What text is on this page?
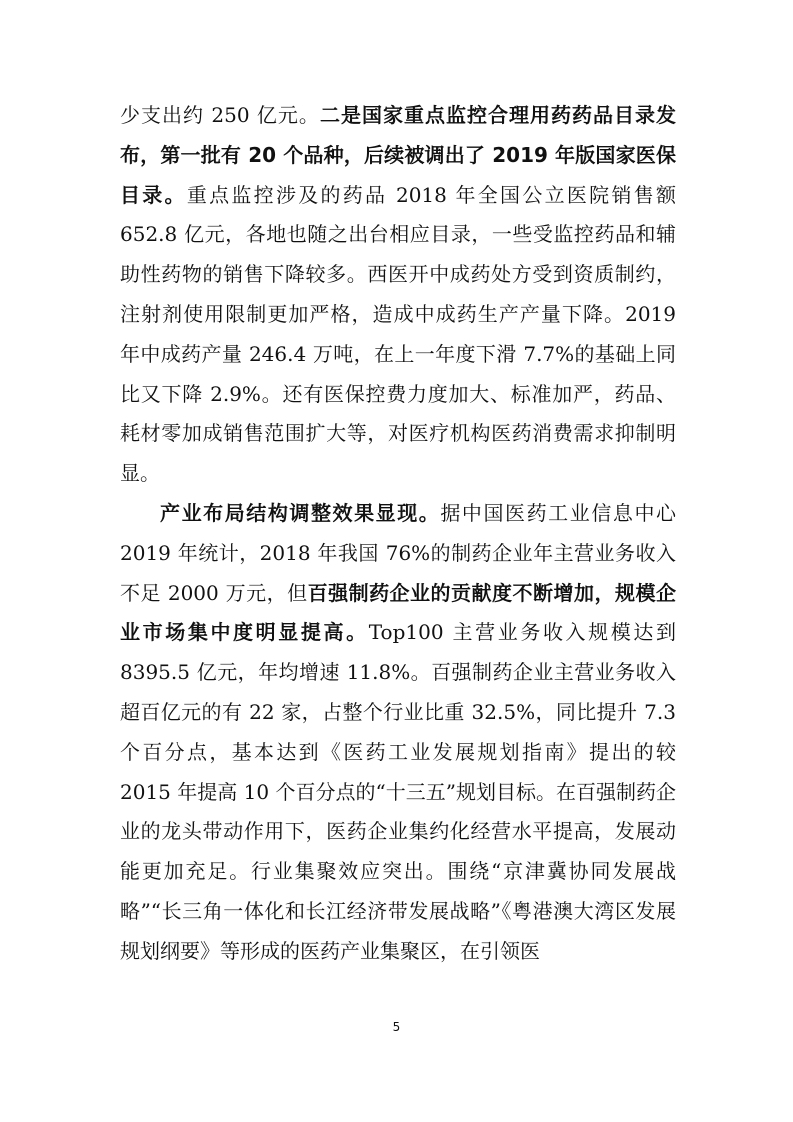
少支出约 250 亿元。二是国家重点监控合理用药药品目录发布，第一批有 20 个品种，后续被调出了 2019 年版国家医保目录。重点监控涉及的药品 2018 年全国公立医院销售额 652.8 亿元，各地也随之出台相应目录，一些受监控药品和辅助性药物的销售下降较多。西医开中成药处方受到资质制约，注射剂使用限制更加严格，造成中成药生产产量下降。2019 年中成药产量 246.4 万吨，在上一年度下滑 7.7%的基础上同比又下降 2.9%。还有医保控费力度加大、标准加严，药品、耗材零加成销售范围扩大等，对医疗机构医药消费需求抑制明显。

产业布局结构调整效果显现。据中国医药工业信息中心 2019 年统计，2018 年我国 76%的制药企业年主营业务收入不足 2000 万元，但百强制药企业的贡献度不断增加，规模企业市场集中度明显提高。Top100 主营业务收入规模达到 8395.5 亿元，年均增速 11.8%。百强制药企业主营业务收入超百亿元的有 22 家，占整个行业比重 32.5%，同比提升 7.3 个百分点，基本达到《医药工业发展规划指南》提出的较 2015 年提高 10 个百分点的“十三五”规划目标。在百强制药企业的龙头带动作用下，医药企业集约化经营水平提高，发展动能更加充足。行业集聚效应突出。围绕“京津冀协同发展战略”“长三角一体化和长江经济带发展战略”《粤港澳大湾区发展规划纲要》等形成的医药产业集聚区，在引领医

5
